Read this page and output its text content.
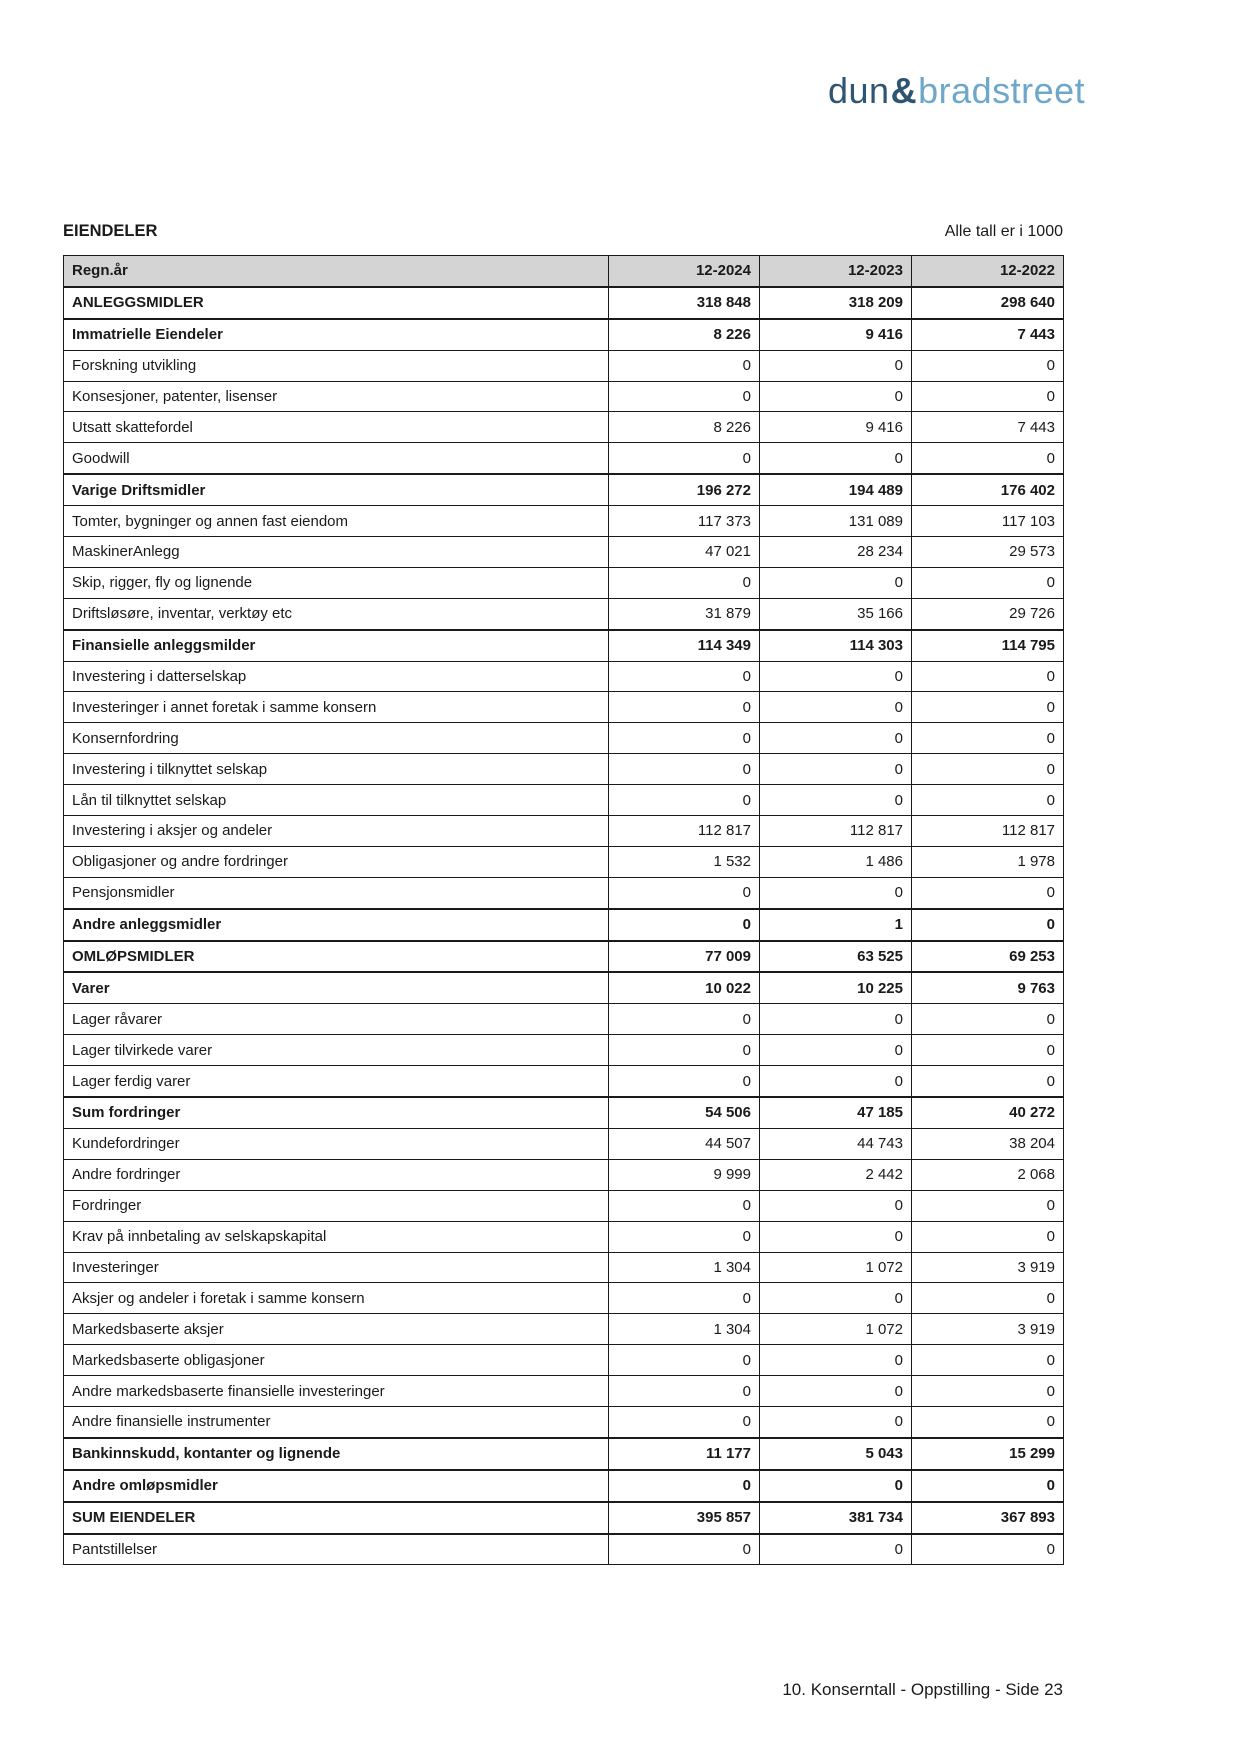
dun&bradstreet
EIENDELER	Alle tall er i 1000
Regn.år	12-2024	12-2023	12-2022
ANLEGGSMIDLER	318 848	318 209	298 640
Immatrielle Eiendeler	8 226	9 416	7 443
Forskning utvikling	0	0	0
Konsesjoner, patenter, lisenser	0	0	0
Utsatt skattefordel	8 226	9 416	7 443
Goodwill	0	0	0
Varige Driftsmidler	196 272	194 489	176 402
Tomter, bygninger og annen fast eiendom	117 373	131 089	117 103
MaskinerAnlegg	47 021	28 234	29 573
Skip, rigger, fly og lignende	0	0	0
Driftsløsøre, inventar, verktøy etc	31 879	35 166	29 726
Finansielle anleggsmilder	114 349	114 303	114 795
Investering i datterselskap	0	0	0
Investeringer i annet foretak i samme konsern	0	0	0
Konsernfordring	0	0	0
Investering i tilknyttet selskap	0	0	0
Lån til tilknyttet selskap	0	0	0
Investering i aksjer og andeler	112 817	112 817	112 817
Obligasjoner og andre fordringer	1 532	1 486	1 978
Pensjonsmidler	0	0	0
Andre anleggsmidler	0	1	0
OMLØPSMIDLER	77 009	63 525	69 253
Varer	10 022	10 225	9 763
Lager råvarer	0	0	0
Lager tilvirkede varer	0	0	0
Lager ferdig varer	0	0	0
Sum fordringer	54 506	47 185	40 272
Kundefordringer	44 507	44 743	38 204
Andre fordringer	9 999	2 442	2 068
Fordringer	0	0	0
Krav på innbetaling av selskapskapital	0	0	0
Investeringer	1 304	1 072	3 919
Aksjer og andeler i foretak i samme konsern	0	0	0
Markedsbaserte aksjer	1 304	1 072	3 919
Markedsbaserte obligasjoner	0	0	0
Andre markedsbaserte finansielle investeringer	0	0	0
Andre finansielle instrumenter	0	0	0
Bankinnskudd, kontanter og lignende	11 177	5 043	15 299
Andre omløpsmidler	0	0	0
SUM EIENDELER	395 857	381 734	367 893
Pantstillelser	0	0	0
10. Konserntall - Oppstilling - Side 23
